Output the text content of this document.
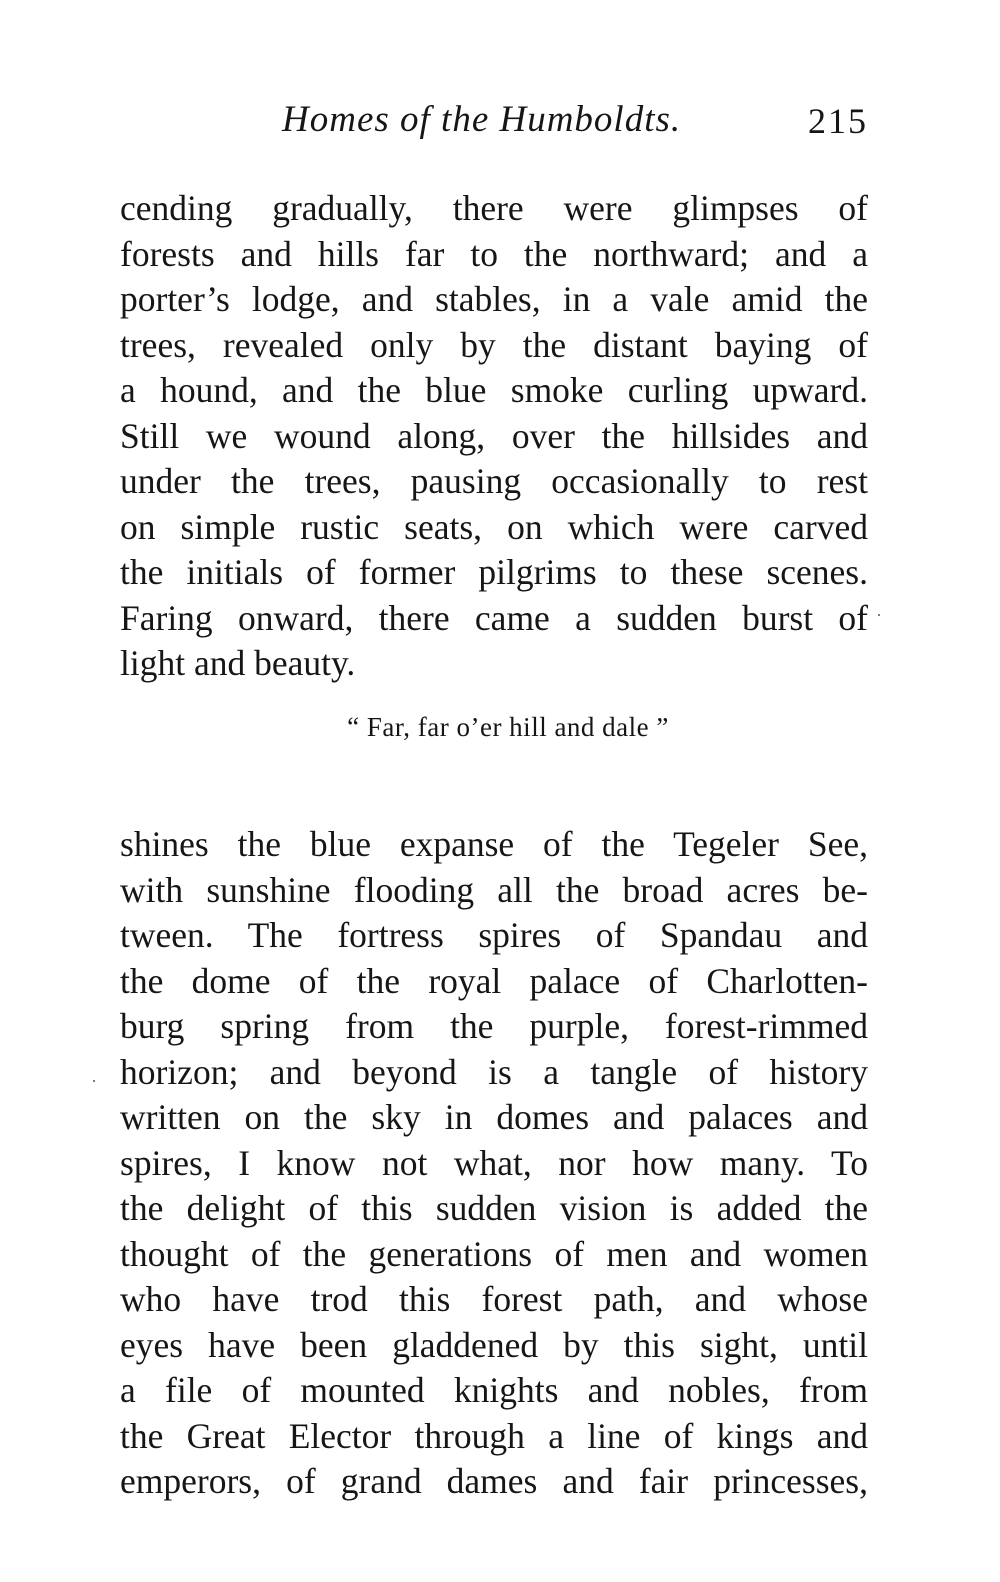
Homes of the Humboldts.	215
cending gradually, there were glimpses of
forests and hills far to the northward; and a
porter’s lodge, and stables, in a vale amid the
trees, revealed only by the distant baying of
a hound, and the blue smoke curling upward.
Still we wound along, over the hillsides and
under the trees, pausing occasionally to rest
on simple rustic seats, on which were carved
the initials of former pilgrims to these scenes.
Faring onward, there came a sudden burst of
light and beauty.
“ Far, far o’er hill and dale ”
shines the blue expanse of the Tegeler See,
with sunshine flooding all the broad acres be-
tween. The fortress spires of Spandau and
the dome of the royal palace of Charlotten-
burg spring from the purple, forest-rimmed
horizon; and beyond is a tangle of history
written on the sky in domes and palaces and
spires, I know not what, nor how many. To
the delight of this sudden vision is added the
thought of the generations of men and women
who have trod this forest path, and whose
eyes have been gladdened by this sight, until
a file of mounted knights and nobles, from
the Great Elector through a line of kings and
emperors, of grand dames and fair princesses,
